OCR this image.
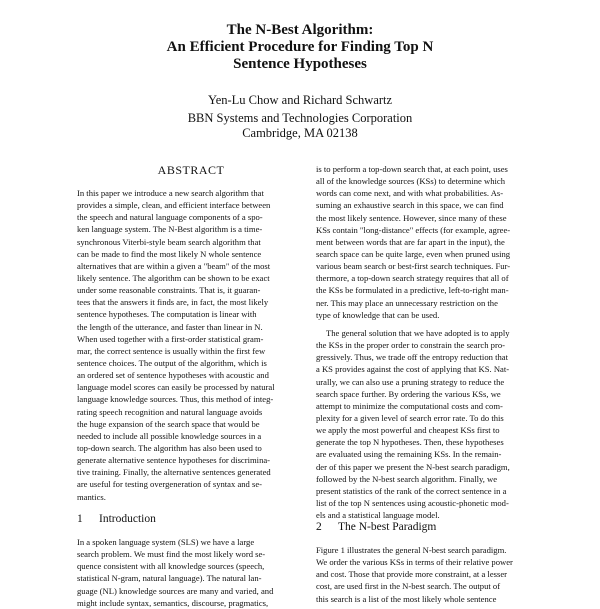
The N-Best Algorithm:
An Efficient Procedure for Finding Top N
Sentence Hypotheses
Yen-Lu Chow and Richard Schwartz
BBN Systems and Technologies Corporation
Cambridge, MA 02138
ABSTRACT
In this paper we introduce a new search algorithm that
provides a simple, clean, and efficient interface between
the speech and natural language components of a spo-
ken language system. The N-Best algorithm is a time-
synchronous Viterbi-style beam search algorithm that
can be made to find the most likely N whole sentence
alternatives that are within a given a "beam" of the most
likely sentence. The algorithm can be shown to be exact
under some reasonable constraints. That is, it guaran-
tees that the answers it finds are, in fact, the most likely
sentence hypotheses. The computation is linear with
the length of the utterance, and faster than linear in N.
When used together with a first-order statistical gram-
mar, the correct sentence is usually within the first few
sentence choices. The output of the algorithm, which is
an ordered set of sentence hypotheses with acoustic and
language model scores can easily be processed by natural
language knowledge sources. Thus, this method of integ-
rating speech recognition and natural language avoids
the huge expansion of the search space that would be
needed to include all possible knowledge sources in a
top-down search. The algorithm has also been used to
generate alternative sentence hypotheses for discrimina-
tive training. Finally, the alternative sentences generated
are useful for testing overgeneration of syntax and se-
mantics.
1 Introduction
In a spoken language system (SLS) we have a large
search problem. We must find the most likely word se-
quence consistent with all knowledge sources (speech,
statistical N-gram, natural language). The natural lan-
guage (NL) knowledge sources are many and varied, and
might include syntax, semantics, discourse, pragmatics,
is to perform a top-down search that, at each point, uses
all of the knowledge sources (KSs) to determine which
words can come next, and with what probabilities. As-
suming an exhaustive search in this space, we can find
the most likely sentence. However, since many of these
KSs contain "long-distance" effects (for example, agree-
ment between words that are far apart in the input), the
search space can be quite large, even when pruned using
various beam search or best-first search techniques. Fur-
thermore, a top-down search strategy requires that all of
the KSs be formulated in a predictive, left-to-right man-
ner. This may place an unnecessary restriction on the
type of knowledge that can be used.
The general solution that we have adopted is to apply
the KSs in the proper order to constrain the search pro-
gressively. Thus, we trade off the entropy reduction that
a KS provides against the cost of applying that KS. Nat-
urally, we can also use a pruning strategy to reduce the
search space further. By ordering the various KSs, we
attempt to minimize the computational costs and com-
plexity for a given level of search error rate. To do this
we apply the most powerful and cheapest KSs first to
generate the top N hypotheses. Then, these hypotheses
are evaluated using the remaining KSs. In the remain-
der of this paper we present the N-best search paradigm,
followed by the N-best search algorithm. Finally, we
present statistics of the rank of the correct sentence in a
list of the top N sentences using acoustic-phonetic mod-
els and a statistical language model.
2 The N-best Paradigm
Figure 1 illustrates the general N-best search paradigm.
We order the various KSs in terms of their relative power
and cost. Those that provide more constraint, at a lesser
cost, are used first in the N-best search. The output of
this search is a list of the most likely whole sentence
